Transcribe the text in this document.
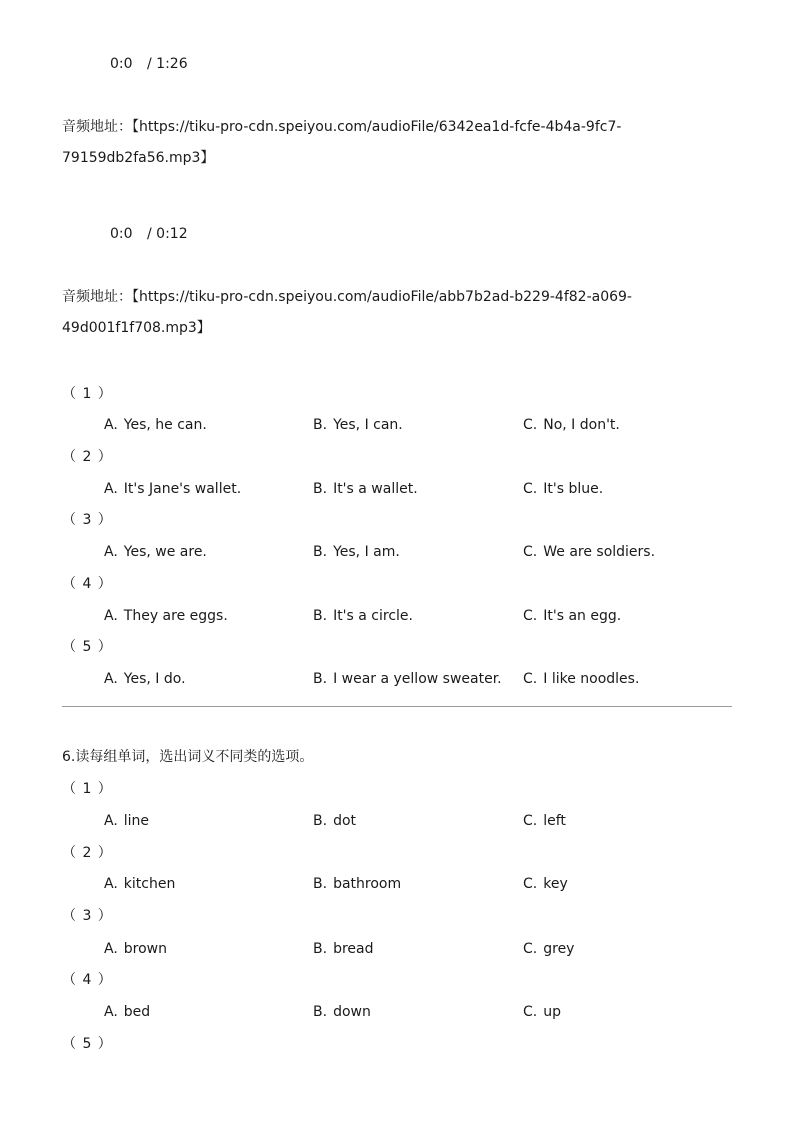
0:0 / 1:26
音频地址：【https://tiku-pro-cdn.speiyou.com/audioFile/6342ea1d-fcfe-4b4a-9fc7-
79159db2fa56.mp3】
0:0 / 0:12
音频地址：【https://tiku-pro-cdn.speiyou.com/audioFile/abb7b2ad-b229-4f82-a069-
49d001f1f708.mp3】
（ 1 ）
A. Yes, he can.	B. Yes, I can.	C. No, I don't.
（ 2 ）
A. It's Jane's wallet.	B. It's a wallet.	C. It's blue.
（ 3 ）
A. Yes, we are.	B. Yes, I am.	C. We are soldiers.
（ 4 ）
A. They are eggs.	B. It's a circle.	C. It's an egg.
（ 5 ）
A. Yes, I do.	B. I wear a yellow sweater. C. I like noodles.
6.读每组单词，选出词义不同类的选项。
（ 1 ）
A. line	B. dot	C. left
（ 2 ）
A. kitchen	B. bathroom	C. key
（ 3 ）
A. brown	B. bread	C. grey
（ 4 ）
A. bed	B. down	C. up
（ 5 ）
